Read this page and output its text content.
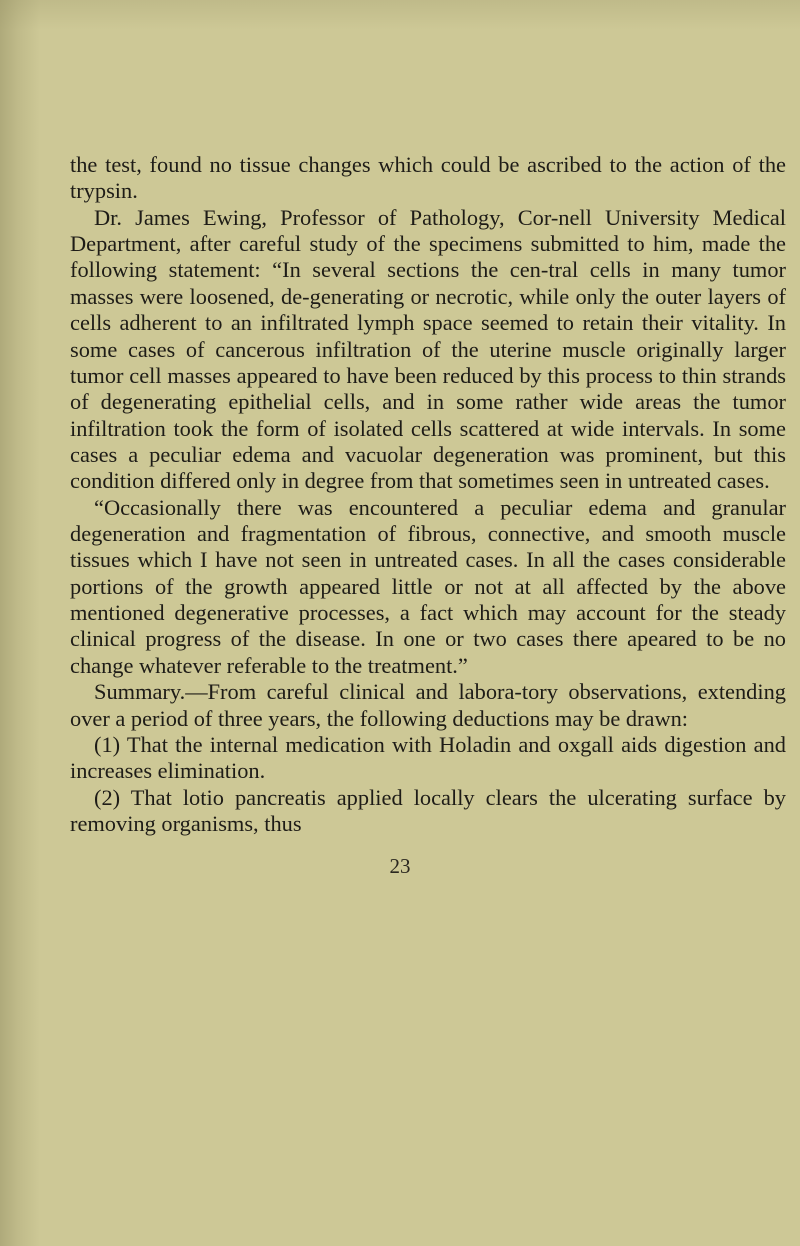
the test, found no tissue changes which could be ascribed to the action of the trypsin.

Dr. James Ewing, Professor of Pathology, Cor-nell University Medical Department, after careful study of the specimens submitted to him, made the following statement: “In several sections the cen-tral cells in many tumor masses were loosened, de-generating or necrotic, while only the outer layers of cells adherent to an infiltrated lymph space seemed to retain their vitality. In some cases of cancerous infiltration of the uterine muscle originally larger tumor cell masses appeared to have been reduced by this process to thin strands of degenerating epithelial cells, and in some rather wide areas the tumor infiltration took the form of isolated cells scattered at wide intervals. In some cases a peculiar edema and vacuolar degeneration was prominent, but this condition differed only in degree from that sometimes seen in untreated cases.

“Occasionally there was encountered a peculiar edema and granular degeneration and fragmentation of fibrous, connective, and smooth muscle tissues which I have not seen in untreated cases. In all the cases considerable portions of the growth appeared little or not at all affected by the above mentioned degenerative processes, a fact which may account for the steady clinical progress of the disease. In one or two cases there apeared to be no change whatever referable to the treatment.”

Summary.—From careful clinical and labora-tory observations, extending over a period of three years, the following deductions may be drawn:

(1) That the internal medication with Holadin and oxgall aids digestion and increases elimination.

(2) That lotio pancreatis applied locally clears the ulcerating surface by removing organisms, thus

23
